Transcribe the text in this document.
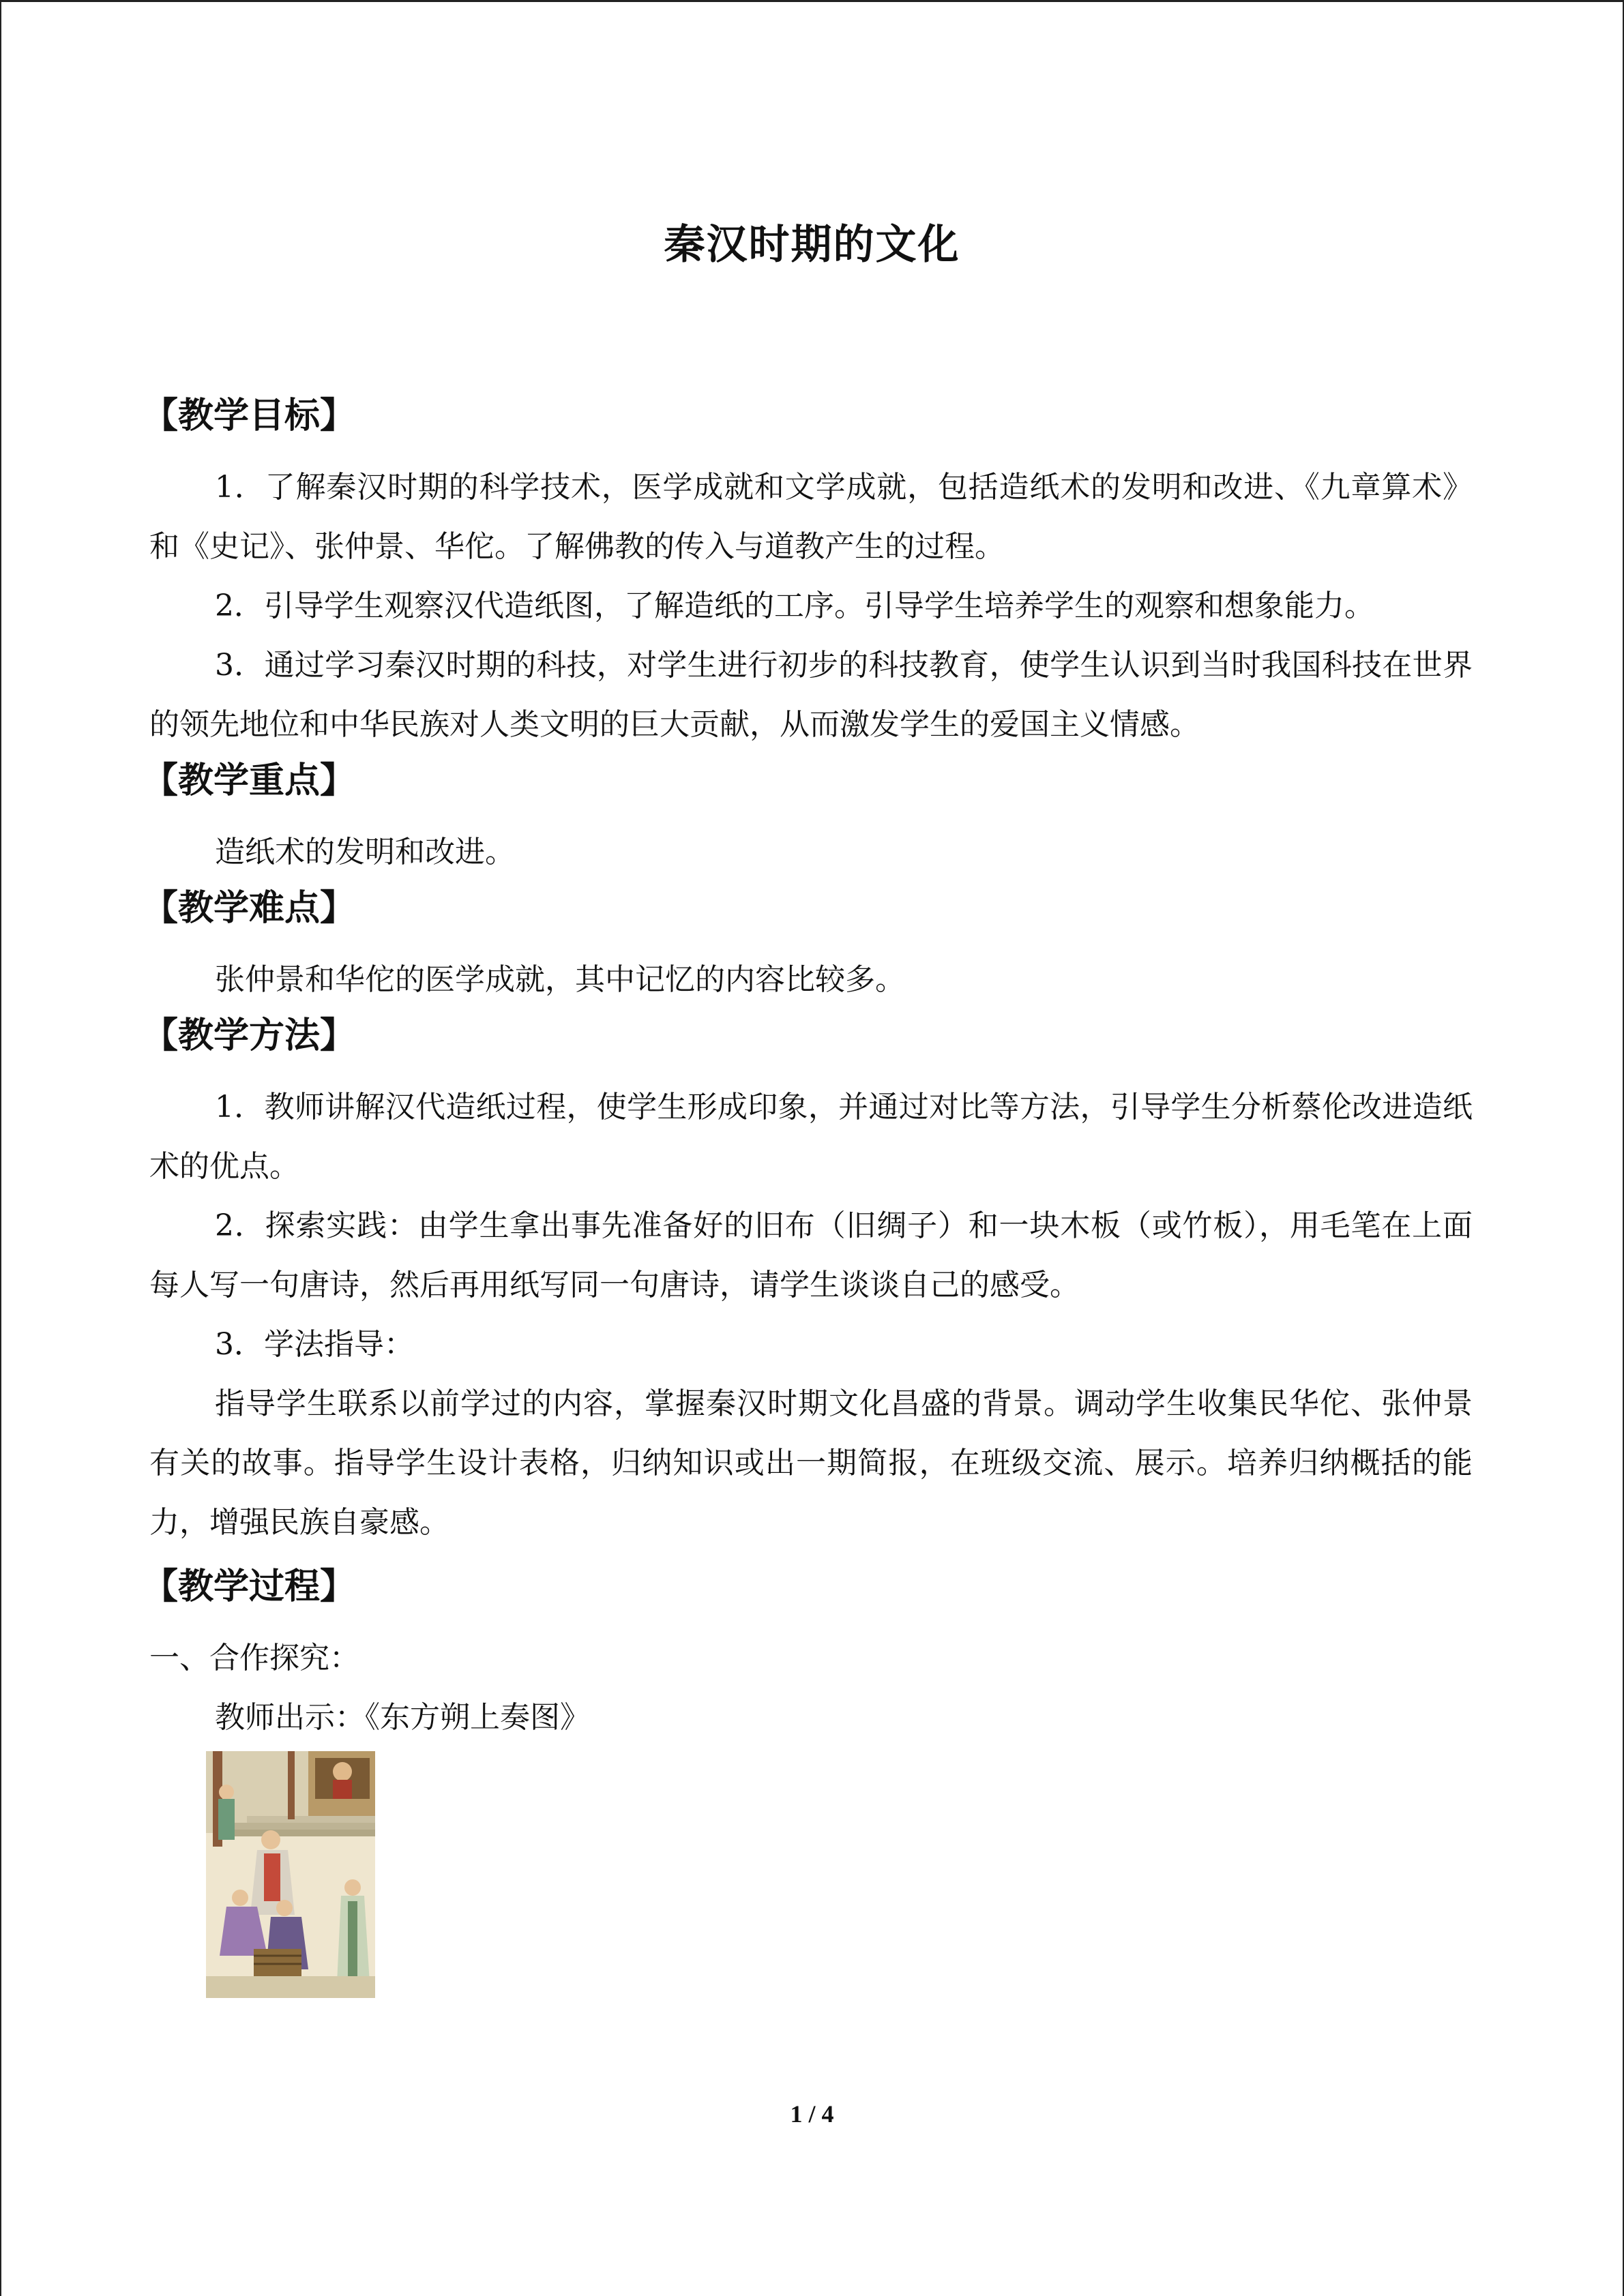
秦汉时期的文化
【教学目标】

1．了解秦汉时期的科学技术，医学成就和文学成就，包括造纸术的发明和改进、《九章算术》和《史记》、张仲景、华佗。了解佛教的传入与道教产生的过程。

2．引导学生观察汉代造纸图，了解造纸的工序。引导学生培养学生的观察和想象能力。

3．通过学习秦汉时期的科技，对学生进行初步的科技教育，使学生认识到当时我国科技在世界的领先地位和中华民族对人类文明的巨大贡献，从而激发学生的爱国主义情感。

【教学重点】

造纸术的发明和改进。

【教学难点】

张仲景和华佗的医学成就，其中记忆的内容比较多。

【教学方法】

1．教师讲解汉代造纸过程，使学生形成印象，并通过对比等方法，引导学生分析蔡伦改进造纸术的优点。

2．探索实践：由学生拿出事先准备好的旧布（旧绸子）和一块木板（或竹板），用毛笔在上面每人写一句唐诗，然后再用纸写同一句唐诗，请学生谈谈自己的感受。

3．学法指导：

指导学生联系以前学过的内容，掌握秦汉时期文化昌盛的背景。调动学生收集民华佗、张仲景有关的故事。指导学生设计表格，归纳知识或出一期简报，在班级交流、展示。培养归纳概括的能力，增强民族自豪感。

【教学过程】

一、合作探究：

教师出示：《东方朔上奏图》

1 / 4
